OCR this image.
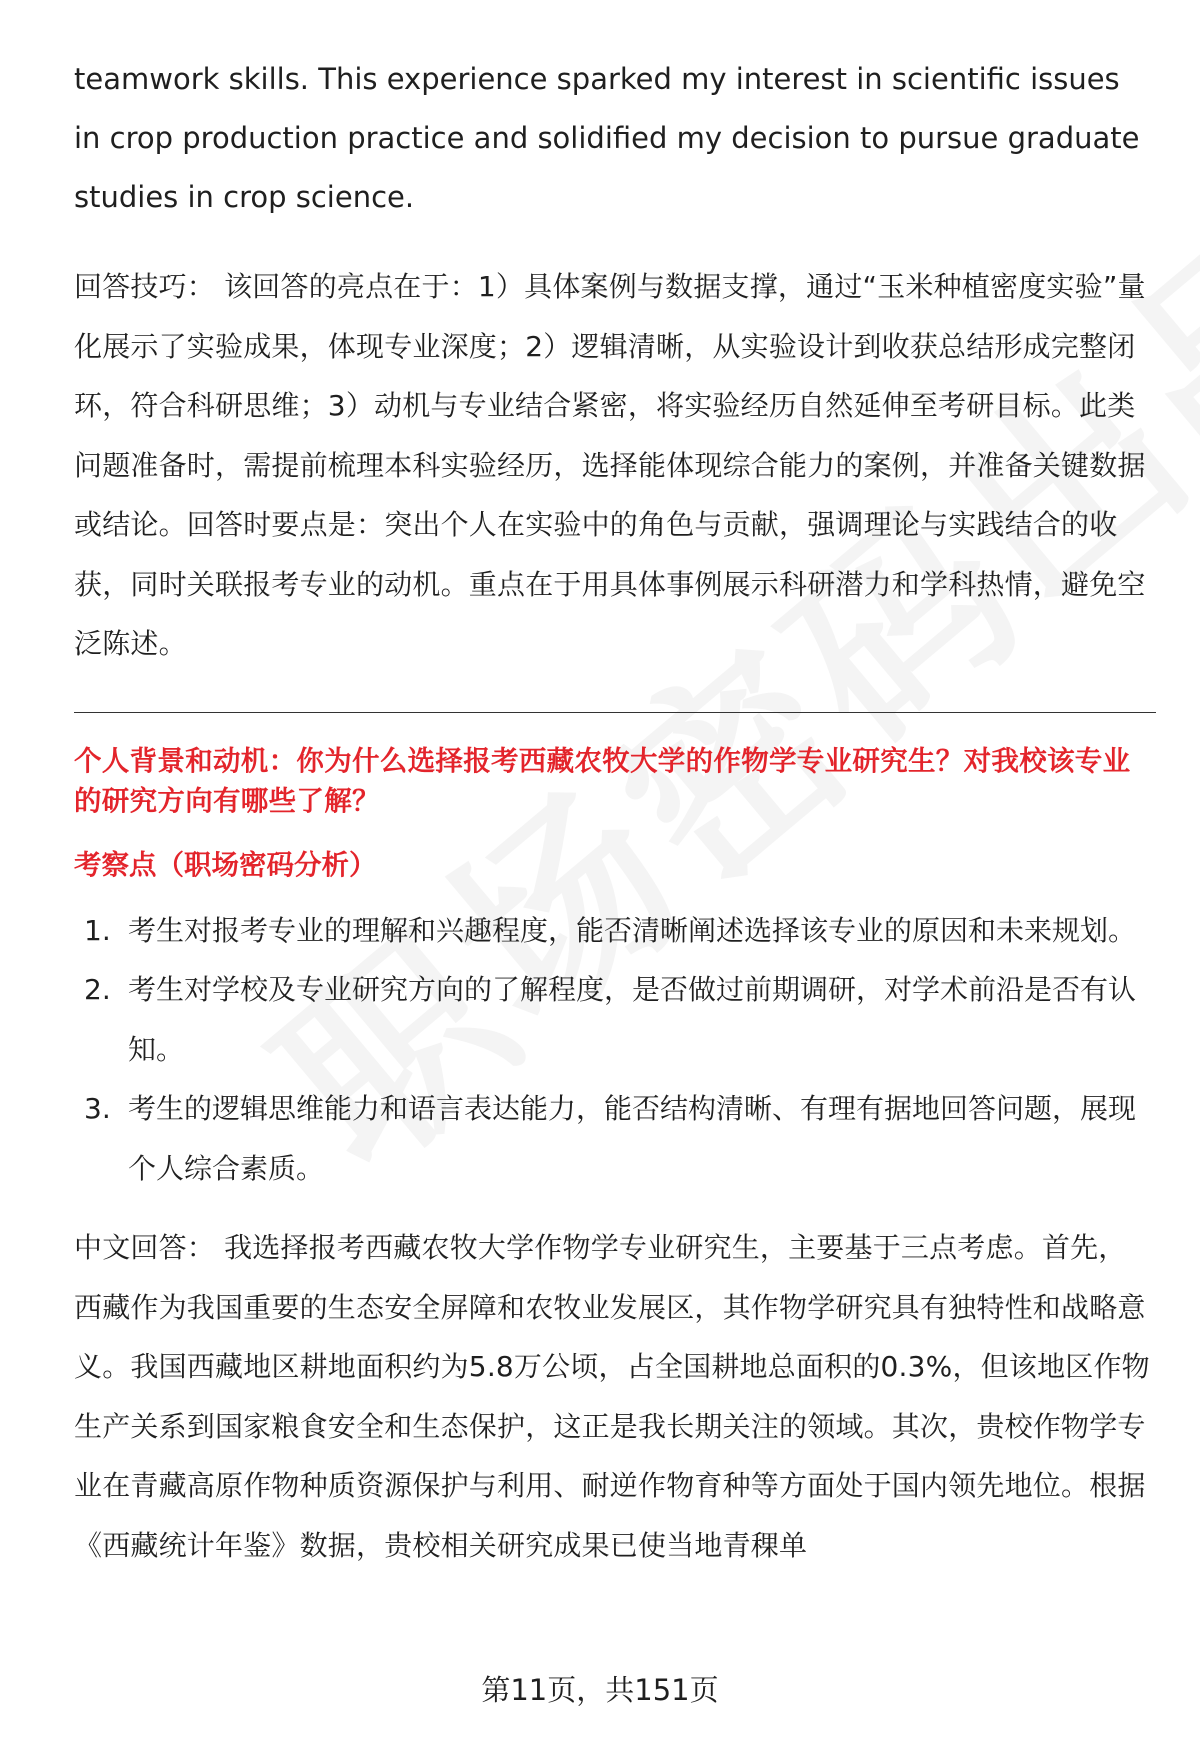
teamwork skills. This experience sparked my interest in scientific issues in crop production practice and solidified my decision to pursue graduate studies in crop science.

回答技巧： 该回答的亮点在于：1）具体案例与数据支撑，通过“玉米种植密度实验”量化展示了实验成果，体现专业深度；2）逻辑清晰，从实验设计到收获总结形成完整闭环，符合科研思维；3）动机与专业结合紧密，将实验经历自然延伸至考研目标。此类问题准备时，需提前梳理本科实验经历，选择能体现综合能力的案例，并准备关键数据或结论。回答时要点是：突出个人在实验中的角色与贡献，强调理论与实践结合的收获，同时关联报考专业的动机。重点在于用具体事例展示科研潜力和学科热情，避免空泛陈述。

个人背景和动机：你为什么选择报考西藏农牧大学的作物学专业研究生？对我校该专业的研究方向有哪些了解？

考察点（职场密码分析）

1. 考生对报考专业的理解和兴趣程度，能否清晰阐述选择该专业的原因和未来规划。
2. 考生对学校及专业研究方向的了解程度，是否做过前期调研，对学术前沿是否有认知。
3. 考生的逻辑思维能力和语言表达能力，能否结构清晰、有理有据地回答问题，展现个人综合素质。

中文回答： 我选择报考西藏农牧大学作物学专业研究生，主要基于三点考虑。首先，西藏作为我国重要的生态安全屏障和农牧业发展区，其作物学研究具有独特性和战略意义。我国西藏地区耕地面积约为5.8万公顷，占全国耕地总面积的0.3%，但该地区作物生产关系到国家粮食安全和生态保护，这正是我长期关注的领域。其次，贵校作物学专业在青藏高原作物种质资源保护与利用、耐逆作物育种等方面处于国内领先地位。根据《西藏统计年鉴》数据，贵校相关研究成果已使当地青稞单

第11页，共151页
